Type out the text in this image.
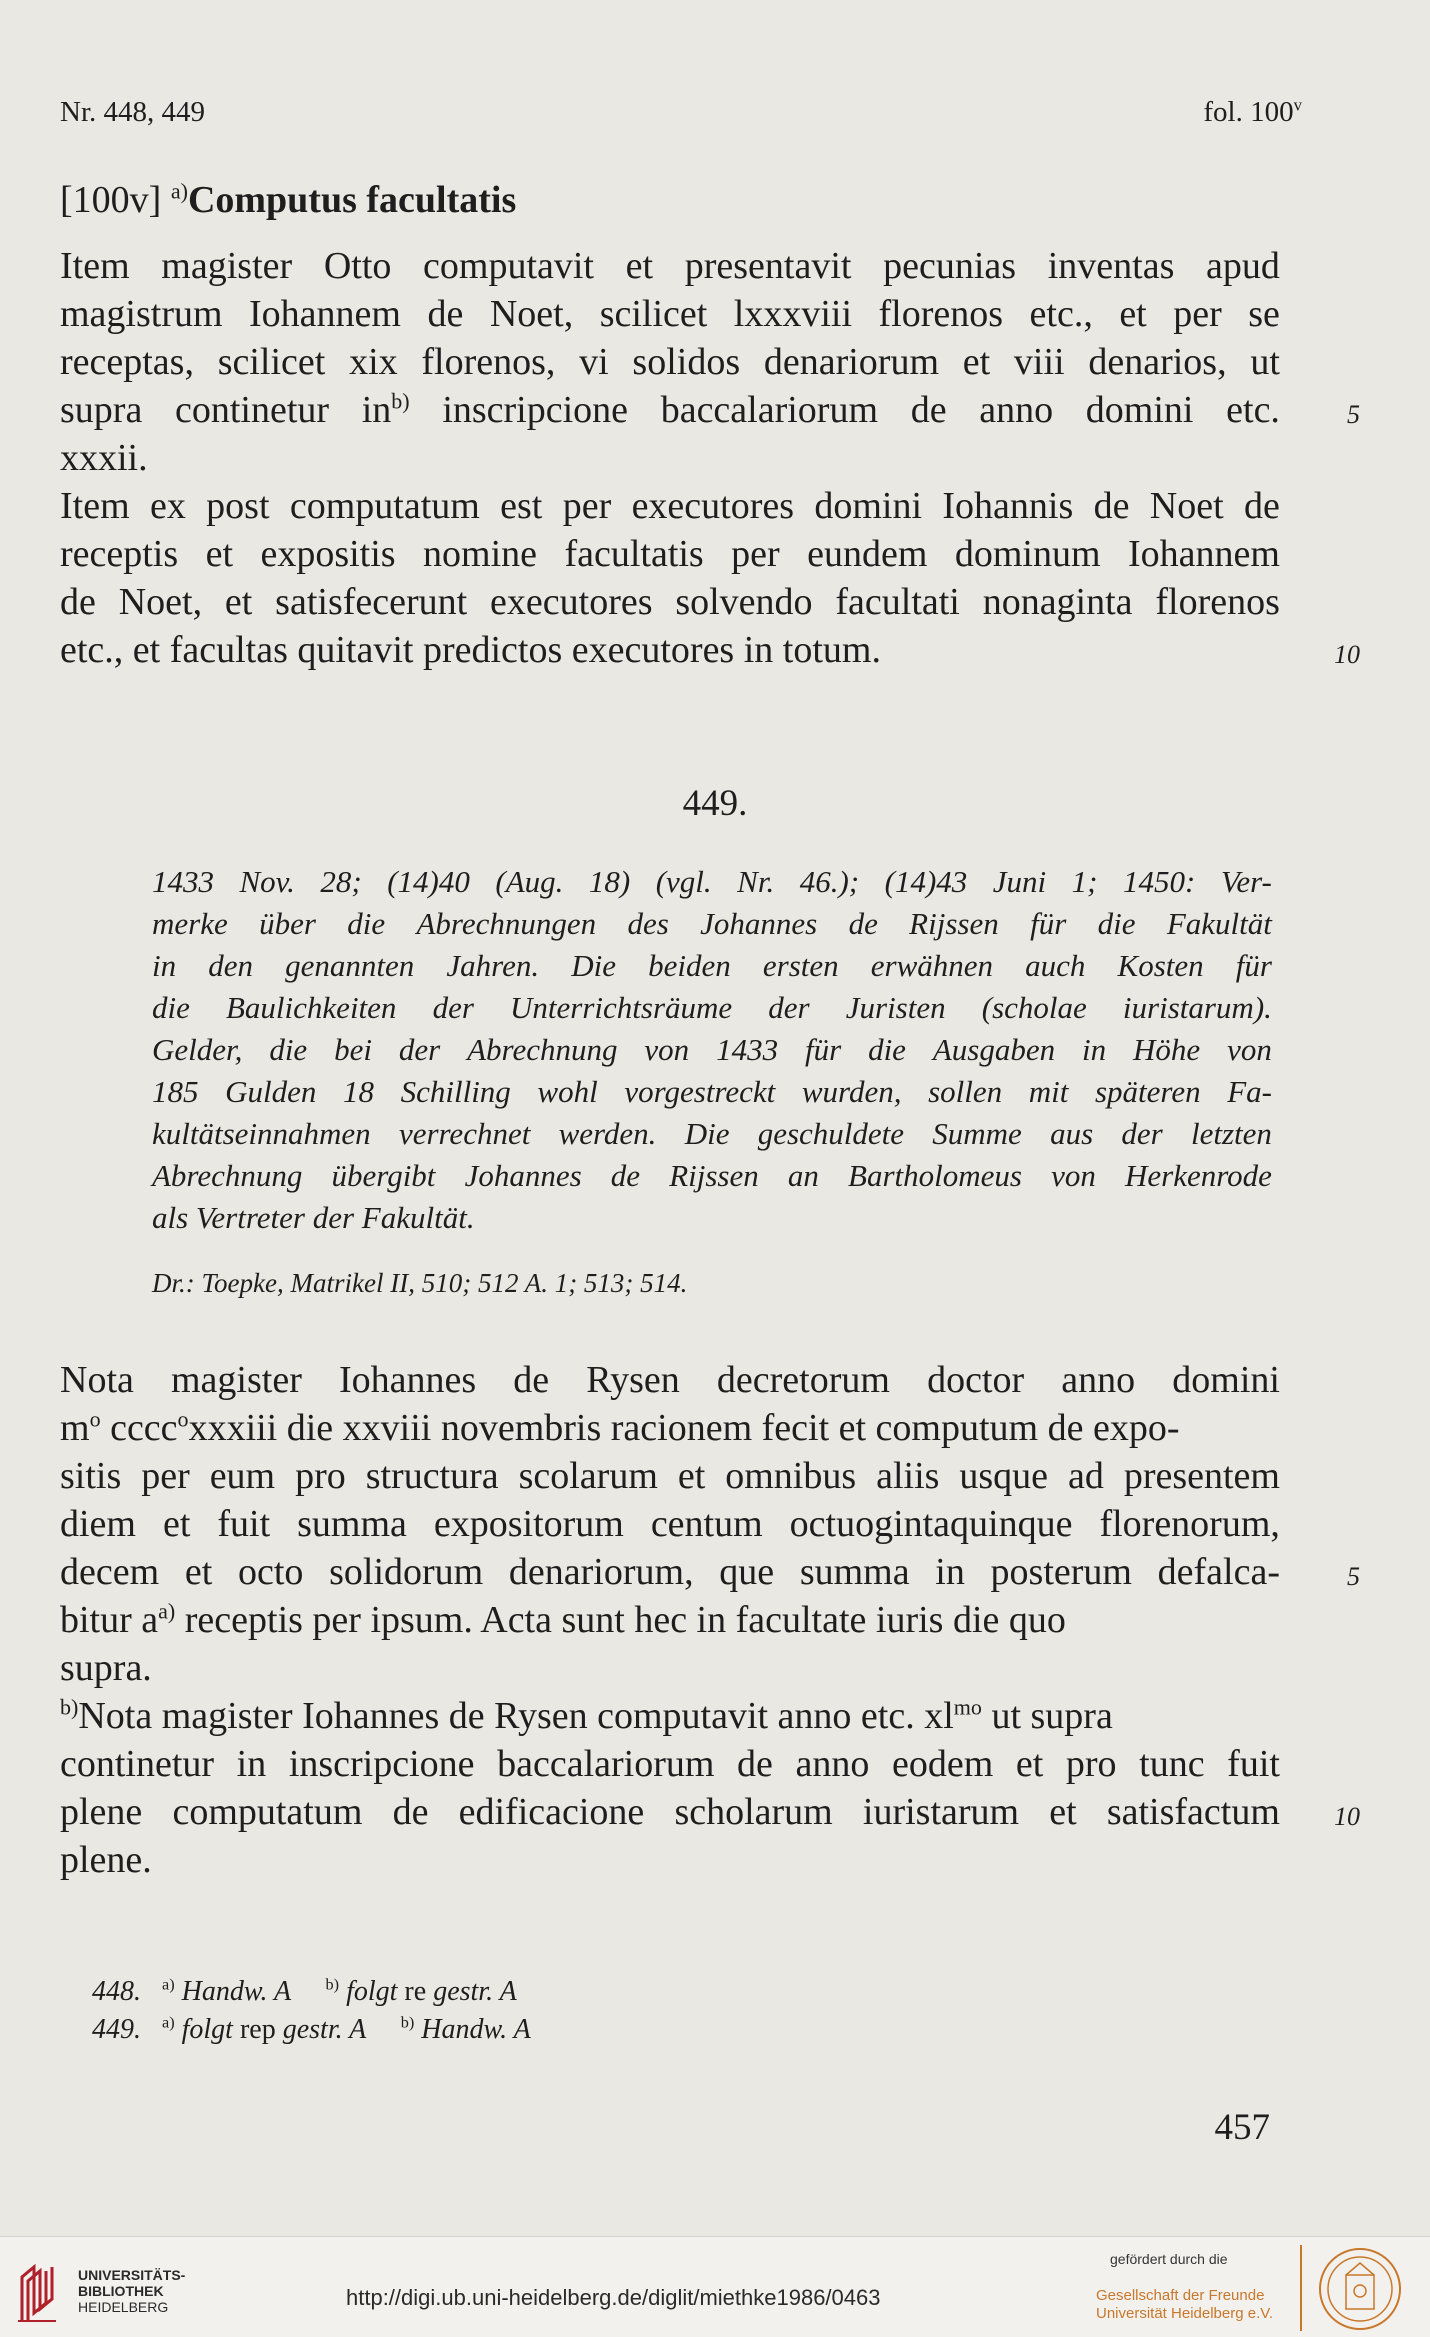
Nr. 448, 449	fol. 100$^v$
[100v] $^{a)}$Computus facultatis
Item magister Otto computavit et presentavit pecunias inventas apud
magistrum Iohannem de Noet, scilicet lxxxviii florenos etc., et per se
receptas, scilicet xix florenos, vi solidos denariorum et viii denarios, ut
supra continetur $in^{b)}$ inscripcione baccalariorum de anno domini etc.
xxxii.
Item ex post computatum est per executores domini Iohannis de Noet de
receptis et expositis nomine facultatis per eundem dominum Iohannem
de Noet, et satisfecerunt executores solvendo facultati nonaginta florenos
etc., et facultas quitavit predictos executores in totum.
5
10
449.
1433 Nov. 28; (14)40 (Aug. 18) (vgl. Nr. 46.); (14)43 Juni 1; 1450: Ver-
merke über die Abrechnungen des Johannes de Rijssen für die Fakultät
in den genannten Jahren. Die beiden ersten erwähnen auch Kosten für
die Baulichkeiten der Unterrichtsräume der Juristen (scholae iuristarum).
Gelder, die bei der Abrechnung von 1433 für die Ausgaben in Höhe von
185 Gulden 18 Schilling wohl vorgestreckt wurden, sollen mit späteren Fa-
kultätseinnahmen verrechnet werden. Die geschuldete Summe aus der letzten
Abrechnung übergibt Johannes de Rijssen an Bartholomeus von Herkenrode
als Vertreter der Fakultät.
Dr.: Toepke, Matrikel II, 510; 512 A. 1; 513; 514.
Nota magister Iohannes de Rysen decretorum doctor anno domini
$m^o$ cccc$^o$xxxiii die xxviii novembris racionem fecit et computum de expo-
sitis per eum pro structura scolarum et omnibus aliis usque ad presentem
diem et fuit summa expositorum centum octuogintaquinque florenorum,
decem et octo solidorum denariorum, que summa in posterum defalca-
bitur $a^{a)}$ receptis per ipsum. Acta sunt hec in facultate iuris die quo
supra.
$^{b)}$Nota magister Iohannes de Rysen computavit anno etc. $xl^{mo}$ ut supra
continetur in inscripcione baccalariorum de anno eodem et pro tunc fuit
plene computatum de edificacione scholarum iuristarum et satisfactum
plene.
5
10
448. $^{a)}$ Handw. A $^{b)}$ folgt re gestr. A
449. $^{a)}$ folgt rep gestr. A $^{b)}$ Handw. A
457
UNIVERSITÄTS-
BIBLIOTHEK
HEIDELBERG	http://digi.ub.uni-heidelberg.de/diglit/miethke1986/0463
gefördert durch die
Gesellschaft der Freunde
Universität Heidelberg e.V.
